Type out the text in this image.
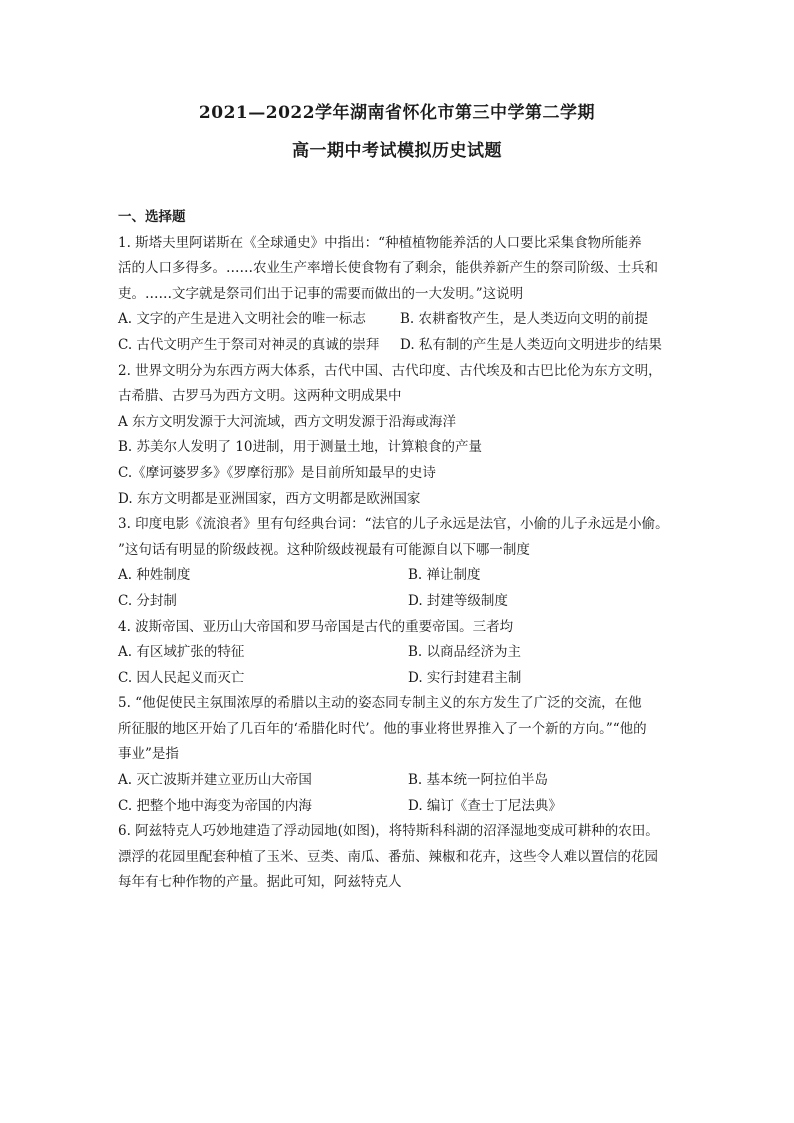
2021—2022学年湖南省怀化市第三中学第二学期
高一期中考试模拟历史试题
一、选择题
1. 斯塔夫里阿诺斯在《全球通史》中指出：“种植植物能养活的人口要比采集食物所能养
活的人口多得多。……农业生产率增长使食物有了剩余，能供养新产生的祭司阶级、士兵和
吏。……文字就是祭司们出于记事的需要而做出的一大发明。”这说明
A. 文字的产生是进入文明社会的唯一标志	B. 农耕畜牧产生，是人类迈向文明的前提
C. 古代文明产生于祭司对神灵的真诚的崇拜	D. 私有制的产生是人类迈向文明进步的结果
2. 世界文明分为东西方两大体系，古代中国、古代印度、古代埃及和古巴比伦为东方文明，
古希腊、古罗马为西方文明。这两种文明成果中
A 东方文明发源于大河流域，西方文明发源于沿海或海洋
B. 苏美尔人发明了 10进制，用于测量土地，计算粮食的产量
C.《摩诃婆罗多》《罗摩衍那》是目前所知最早的史诗
D. 东方文明都是亚洲国家，西方文明都是欧洲国家
3. 印度电影《流浪者》里有句经典台词：“法官的儿子永远是法官，小偷的儿子永远是小偷。
”这句话有明显的阶级歧视。这种阶级歧视最有可能源自以下哪一制度
A. 种姓制度	B. 禅让制度
C. 分封制	D. 封建等级制度
4. 波斯帝国、亚历山大帝国和罗马帝国是古代的重要帝国。三者均
A. 有区域扩张的特征	B. 以商品经济为主
C. 因人民起义而灭亡	D. 实行封建君主制
5. “他促使民主氛围浓厚的希腊以主动的姿态同专制主义的东方发生了广泛的交流，在他
所征服的地区开始了几百年的‘希腊化时代’。他的事业将世界推入了一个新的方向。”“他的
事业”是指
A. 灭亡波斯并建立亚历山大帝国	B. 基本统一阿拉伯半岛
C. 把整个地中海变为帝国的内海	D. 编订《查士丁尼法典》
6. 阿兹特克人巧妙地建造了浮动园地(如图)，将特斯科科湖的沼泽湿地变成可耕种的农田。
漂浮的花园里配套种植了玉米、豆类、南瓜、番茄、辣椒和花卉，这些令人难以置信的花园
每年有七种作物的产量。据此可知，阿兹特克人
